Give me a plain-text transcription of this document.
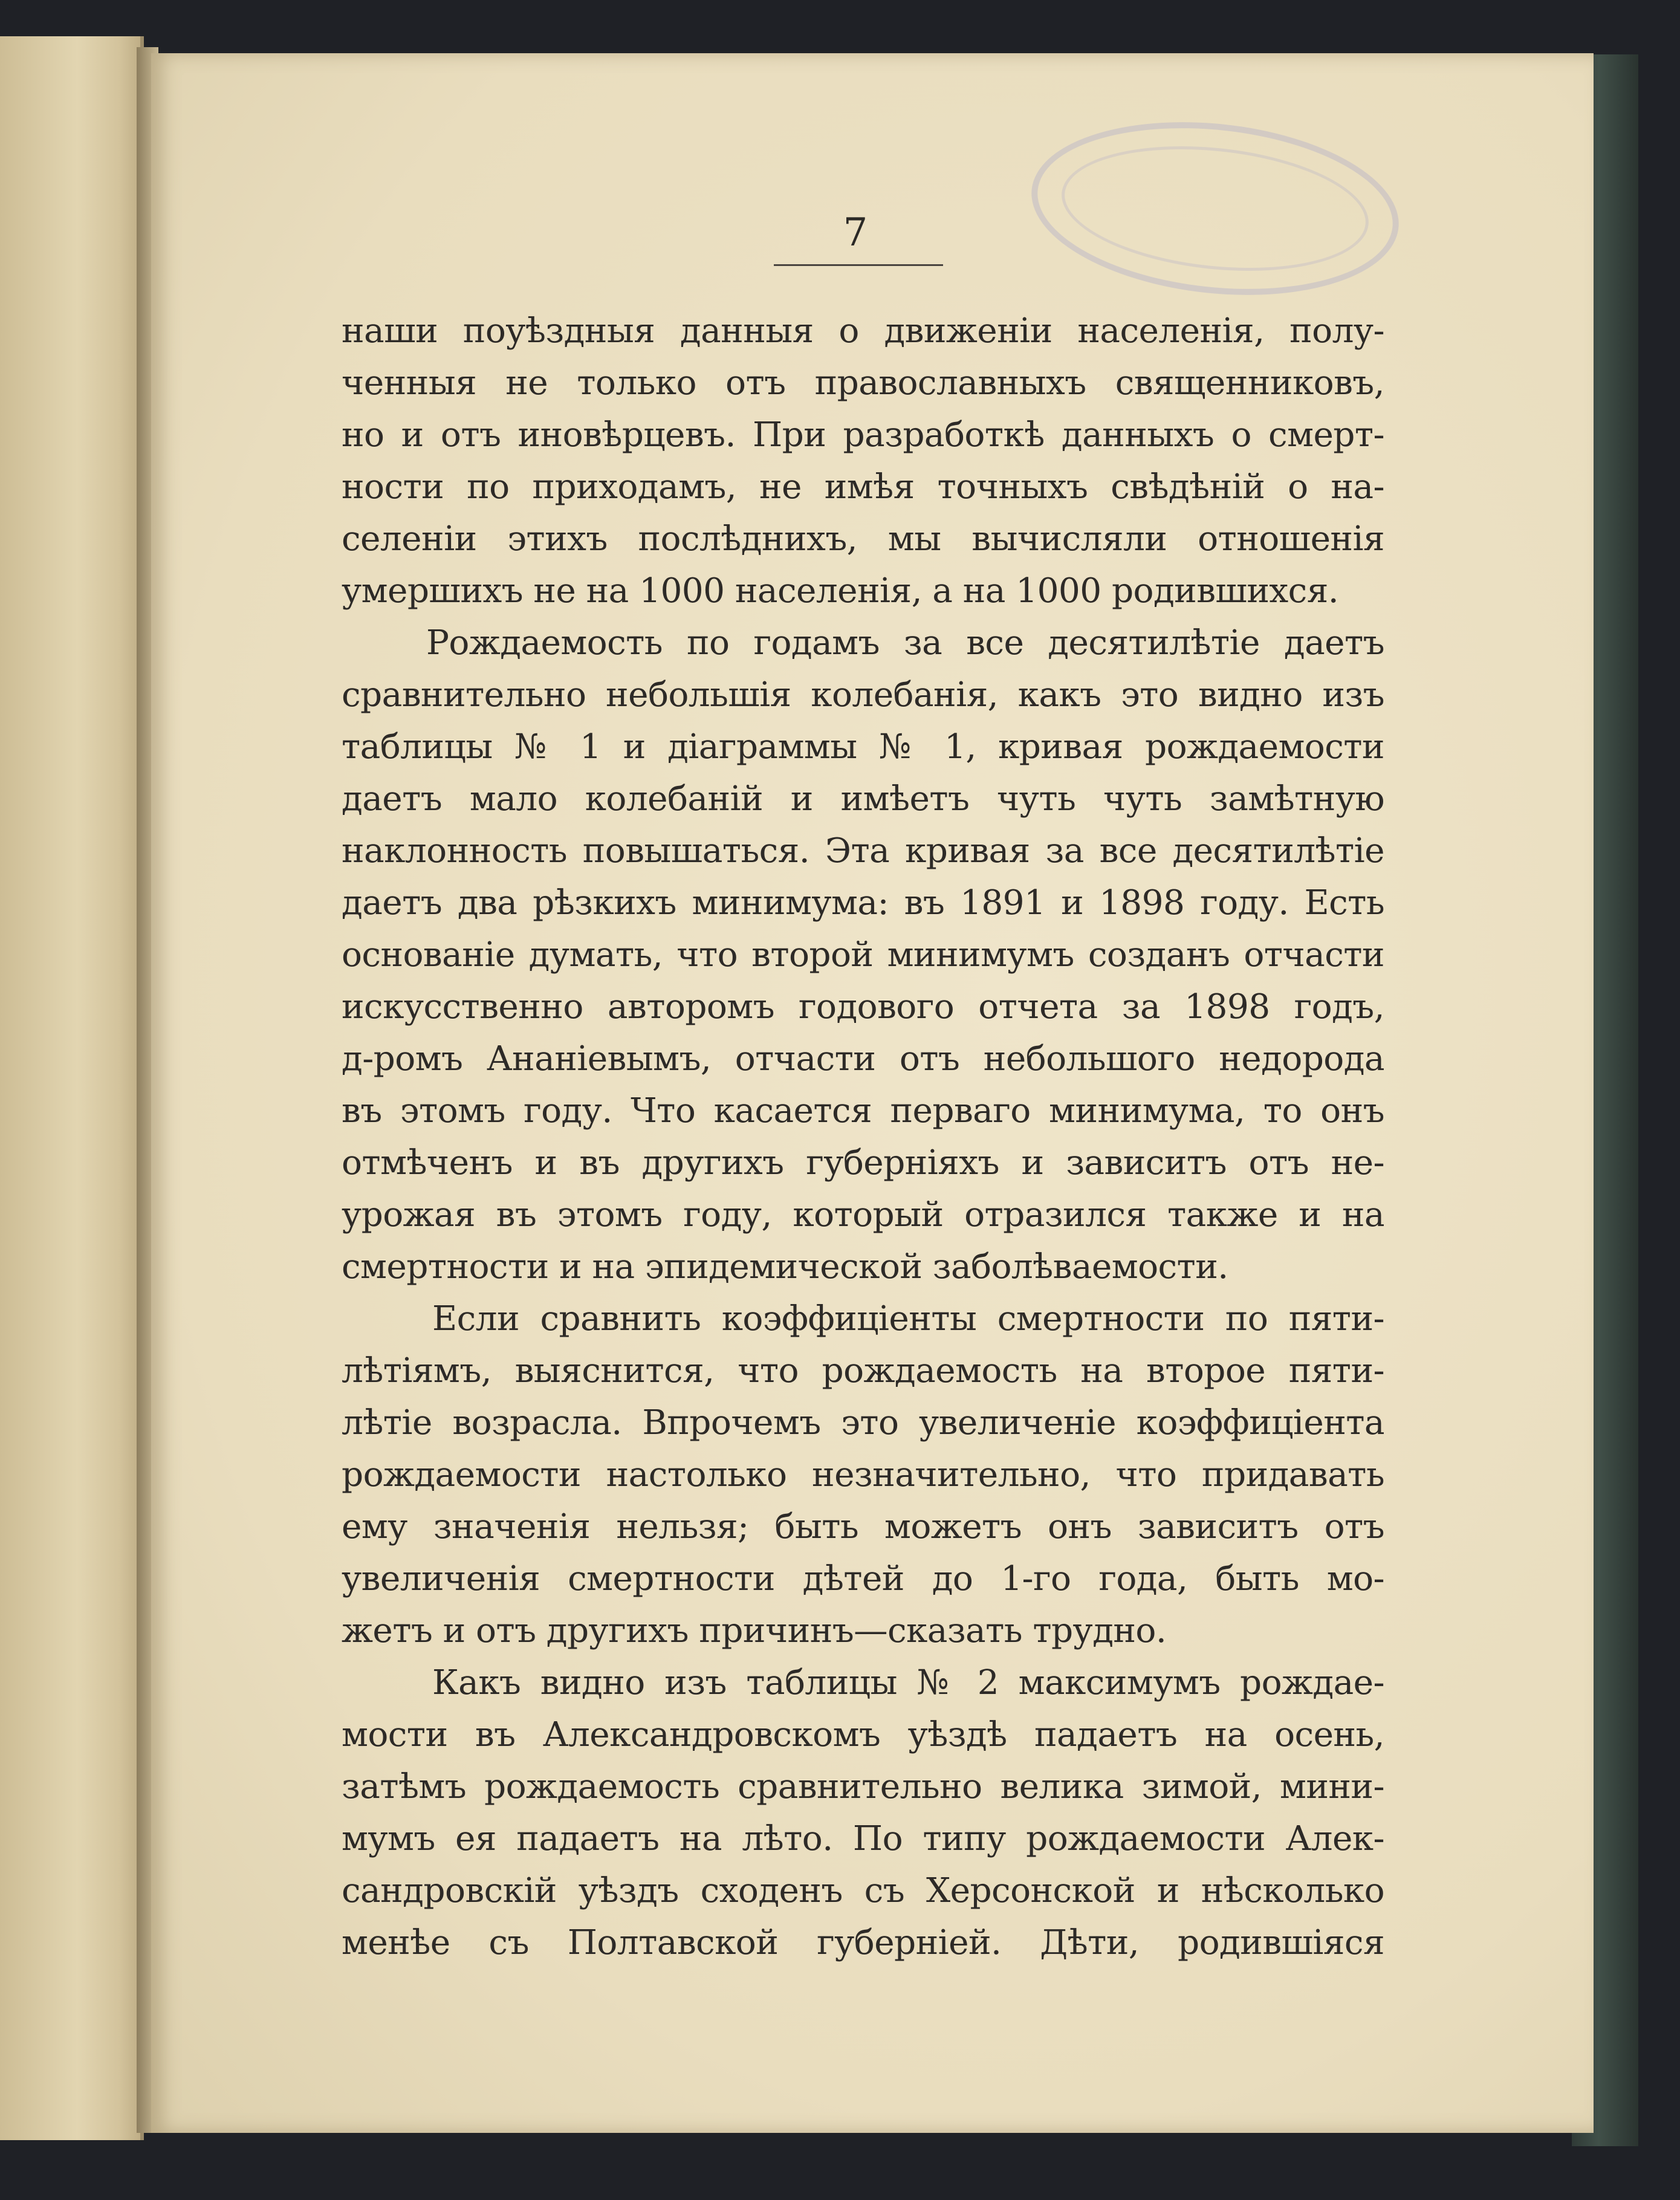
7
наши поуѣздныя данныя о движеніи населенія, полу-
ченныя не только отъ православныхъ священниковъ,
но и отъ иновѣрцевъ. При разработкѣ данныхъ о смерт-
ности по приходамъ, не имѣя точныхъ свѣдѣній о на-
селеніи этихъ послѣднихъ, мы вычисляли отношенія
умершихъ не на 1000 населенія, а на 1000 родившихся.
Рождаемость по годамъ за все десятилѣтіе даетъ
сравнительно небольшія колебанія, какъ это видно изъ
таблицы № 1 и діаграммы № 1, кривая рождаемости
даетъ мало колебаній и имѣетъ чуть чуть замѣтную
наклонность повышаться. Эта кривая за все десятилѣтіе
даетъ два рѣзкихъ минимума: въ 1891 и 1898 году. Есть
основаніе думать, что второй минимумъ созданъ отчасти
искусственно авторомъ годового отчета за 1898 годъ,
д-ромъ Ананіевымъ, отчасти отъ небольшого недорода
въ этомъ году. Что касается перваго минимума, то онъ
отмѣченъ и въ другихъ губерніяхъ и зависитъ отъ не-
урожая въ этомъ году, который отразился также и на
смертности и на эпидемической заболѣваемости.
Если сравнить коэффиціенты смертности по пяти-
лѣтіямъ, выяснится, что рождаемость на второе пяти-
лѣтіе возрасла. Впрочемъ это увеличеніе коэффиціента
рождаемости настолько незначительно, что придавать
ему значенія нельзя; быть можетъ онъ зависитъ отъ
увеличенія смертности дѣтей до 1-го года, быть мо-
жетъ и отъ другихъ причинъ—сказать трудно.
Какъ видно изъ таблицы № 2 максимумъ рождае-
мости въ Александровскомъ уѣздѣ падаетъ на осень,
затѣмъ рождаемость сравнительно велика зимой, мини-
мумъ ея падаетъ на лѣто. По типу рождаемости Алек-
сандровскій уѣздъ сходенъ съ Херсонской и нѣсколько
менѣе съ Полтавской губерніей. Дѣти, родившіяся
